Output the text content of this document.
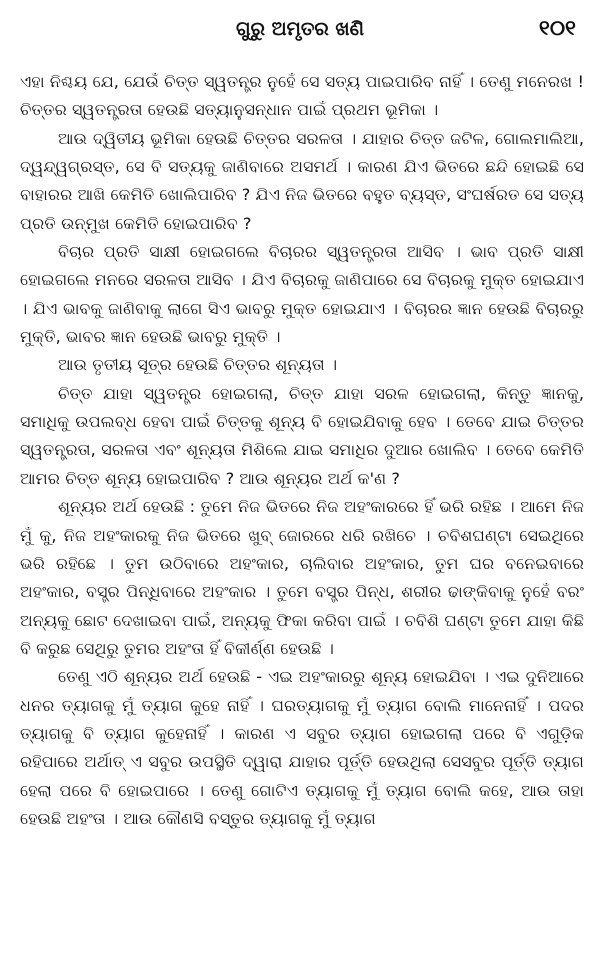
ଗୁରୁ ଅମୃତର ଖଣି	୧୦୧

ଏହା ନିଶ୍ଚୟ ଯେ, ଯେଉଁ ଚିତ୍ତ ସ୍ୱତନ୍ତ୍ର ନୁହେଁ ସେ ସତ୍ୟ ପାଇପାରିବ ନାହିଁ । ତେଣୁ ମନେରଖ ! ଚିତ୍ତର ସ୍ୱତନ୍ତ୍ରତା ହେଉଛି ସତ୍ୟାନୁସନ୍ଧାନ ପାଇଁ ପ୍ରଥମ ଭୂମିକା ।

ଆଉ ଦ୍ୱିତୀୟ ଭୂମିକା ହେଉଛି ଚିତ୍ତର ସରଳତା । ଯାହାର ଚିତ୍ତ ଜଟିଳ, ଗୋଲମାଲିଆ, ଦ୍ୱନ୍ଦ୍ୱଗ୍ରସ୍ତ, ସେ ବି ସତ୍ୟକୁ ଜାଣିବାରେ ଅସମର୍ଥ । କାରଣ ଯିଏ ଭିତରେ ଛନ୍ଦି ହୋଇଛି ସେ ବାହାରର ଆଖି କେମିତି ଖୋଲିପାରିବ ? ଯିଏ ନିଜ ଭିତରେ ବହୁତ ବ୍ୟସ୍ତ, ସଂଘର୍ଷରତ ସେ ସତ୍ୟ ପ୍ରତି ଉନ୍ମୁଖ କେମିତି ହୋଇପାରିବ ?

ବିଚାର ପ୍ରତି ସାକ୍ଷୀ ହୋଇଗଲେ ବିଚାରର ସ୍ୱତନ୍ତ୍ରତା ଆସିବ । ଭାବ ପ୍ରତି ସାକ୍ଷୀ ହୋଇଗଲେ ମନରେ ସରଳତା ଆସିବ । ଯିଏ ବିଚାରକୁ ଜାଣିପାରେ ସେ ବିଚାରକୁ ମୁକ୍ତ ହୋଇଯାଏ । ଯିଏ ଭାବକୁ ଜାଣିବାକୁ ଲାଗେ ସିଏ ଭାବରୁ ମୁକ୍ତ ହୋଇଯାଏ । ବିଚାରର ଜ୍ଞାନ ହେଉଛି ବିଚାରରୁ ମୁକ୍ତି, ଭାବର ଜ୍ଞାନ ହେଉଛି ଭାବରୁ ମୁକ୍ତି ।

ଆଉ ତୃତୀୟ ସୂତ୍ର ହେଉଛି ଚିତ୍ତର ଶୂନ୍ୟତା ।

ଚିତ୍ତ ଯାହା ସ୍ୱତନ୍ତ୍ର ହୋଇଗଲା, ଚିତ୍ତ ଯାହା ସରଳ ହୋଇଗଲା, କିନ୍ତୁ ଜ୍ଞାନକୁ, ସମାଧିକୁ ଉପଲବ୍ଧ ହେବା ପାଇଁ ଚିତ୍ତକୁ ଶୂନ୍ୟ ବି ହୋଇଯିବାକୁ ହେବ । ତେବେ ଯାଇ ଚିତ୍ତର ସ୍ୱତନ୍ତ୍ରତା, ସରଳତା ଏବଂ ଶୂନ୍ୟତା ମିଶିଲେ ଯାଇ ସମାଧିର ଦୁଆର ଖୋଲିବ । ତେବେ କେମିତି ଆମର ଚିତ୍ତ ଶୂନ୍ୟ ହୋଇପାରିବ ? ଆଉ ଶୂନ୍ୟର ଅର୍ଥ କ'ଣ ?

ଶୂନ୍ୟର ଅର୍ଥ ହେଉଛି : ତୁମେ ନିଜ ଭିତରେ ନିଜ ଅହଂକାରରେ ହିଁ ଭରି ରହିଛ । ଆମେ ନିଜ ମୁଁ କୁ, ନିଜ ଅହଂକାରକୁ ନିଜ ଭିତରେ ଖୁବ୍ ଜୋରରେ ଧରି ରଖିଚେ । ଚବିଶଘଣ୍ଟା ସେଇଥିରେ ଭରି ରହିଛେ । ତୁମ ଉଠିବାରେ ଅହଂକାର, ଚାଲିବାର ଅହଂକାର, ତୁମ ଘର ବନେଇବାରେ ଅହଂକାର, ବସ୍ତ୍ର ପିନ୍ଧିବାରେ ଅହଂକାର । ତୁମେ ବସ୍ତ୍ର ପିନ୍ଧ, ଶରୀର ଢାଙ୍କିବାକୁ ନୁହେଁ ବରଂ ଅନ୍ୟକୁ ଛୋଟ ଦେଖାଇବା ପାଇଁ, ଅନ୍ୟକୁ ଫିକା କରିବା ପାଇଁ । ଚବିଶି ଘଣ୍ଟା ତୁମେ ଯାହା କିଛି ବି କରୁଛ ସେଥିରୁ ତୁମର ଅହଂତା ହିଁ ବିକୀର୍ଣ୍ଣ ହେଉଛି ।

ତେଣୁ ଏଠି ଶୂନ୍ୟର ଅର୍ଥ ହେଉଛି - ଏଇ ଅହଂକାରରୁ ଶୂନ୍ୟ ହୋଇଯିବା । ଏଇ ଦୁନିଆରେ ଧନର ତ୍ୟାଗକୁ ମୁଁ ତ୍ୟାଗ କୁହେ ନାହିଁ । ଘରତ୍ୟାଗକୁ ମୁଁ ତ୍ୟାଗ ବୋଲି ମାନେନାହିଁ । ପଦର ତ୍ୟାଗକୁ ବି ତ୍ୟାଗ କୁହେନାହିଁ । କାରଣ ଏ ସବୁର ତ୍ୟାଗ ହୋଇଗଲା ପରେ ବି ଏଗୁଡ଼ିକ ରହିପାରେ ଅର୍ଥାତ୍ ଏ ସବୁର ଉପସ୍ଥିତି ଦ୍ୱାରା ଯାହାର ପୂର୍ତ୍ତି ହେଉଥିଲା ସେସବୁର ପୂର୍ତ୍ତି ତ୍ୟାଗ ହେଲା ପରେ ବି ହୋଇପାରେ । ତେଣୁ ଗୋଟିଏ ତ୍ୟାଗକୁ ମୁଁ ତ୍ୟାଗ ବୋଲି କହେ, ଆଉ ତାହା ହେଉଛି ଅହଂତା । ଆଉ କୌଣସି ବସ୍ତୁର ତ୍ୟାଗକୁ ମୁଁ ତ୍ୟାଗ
